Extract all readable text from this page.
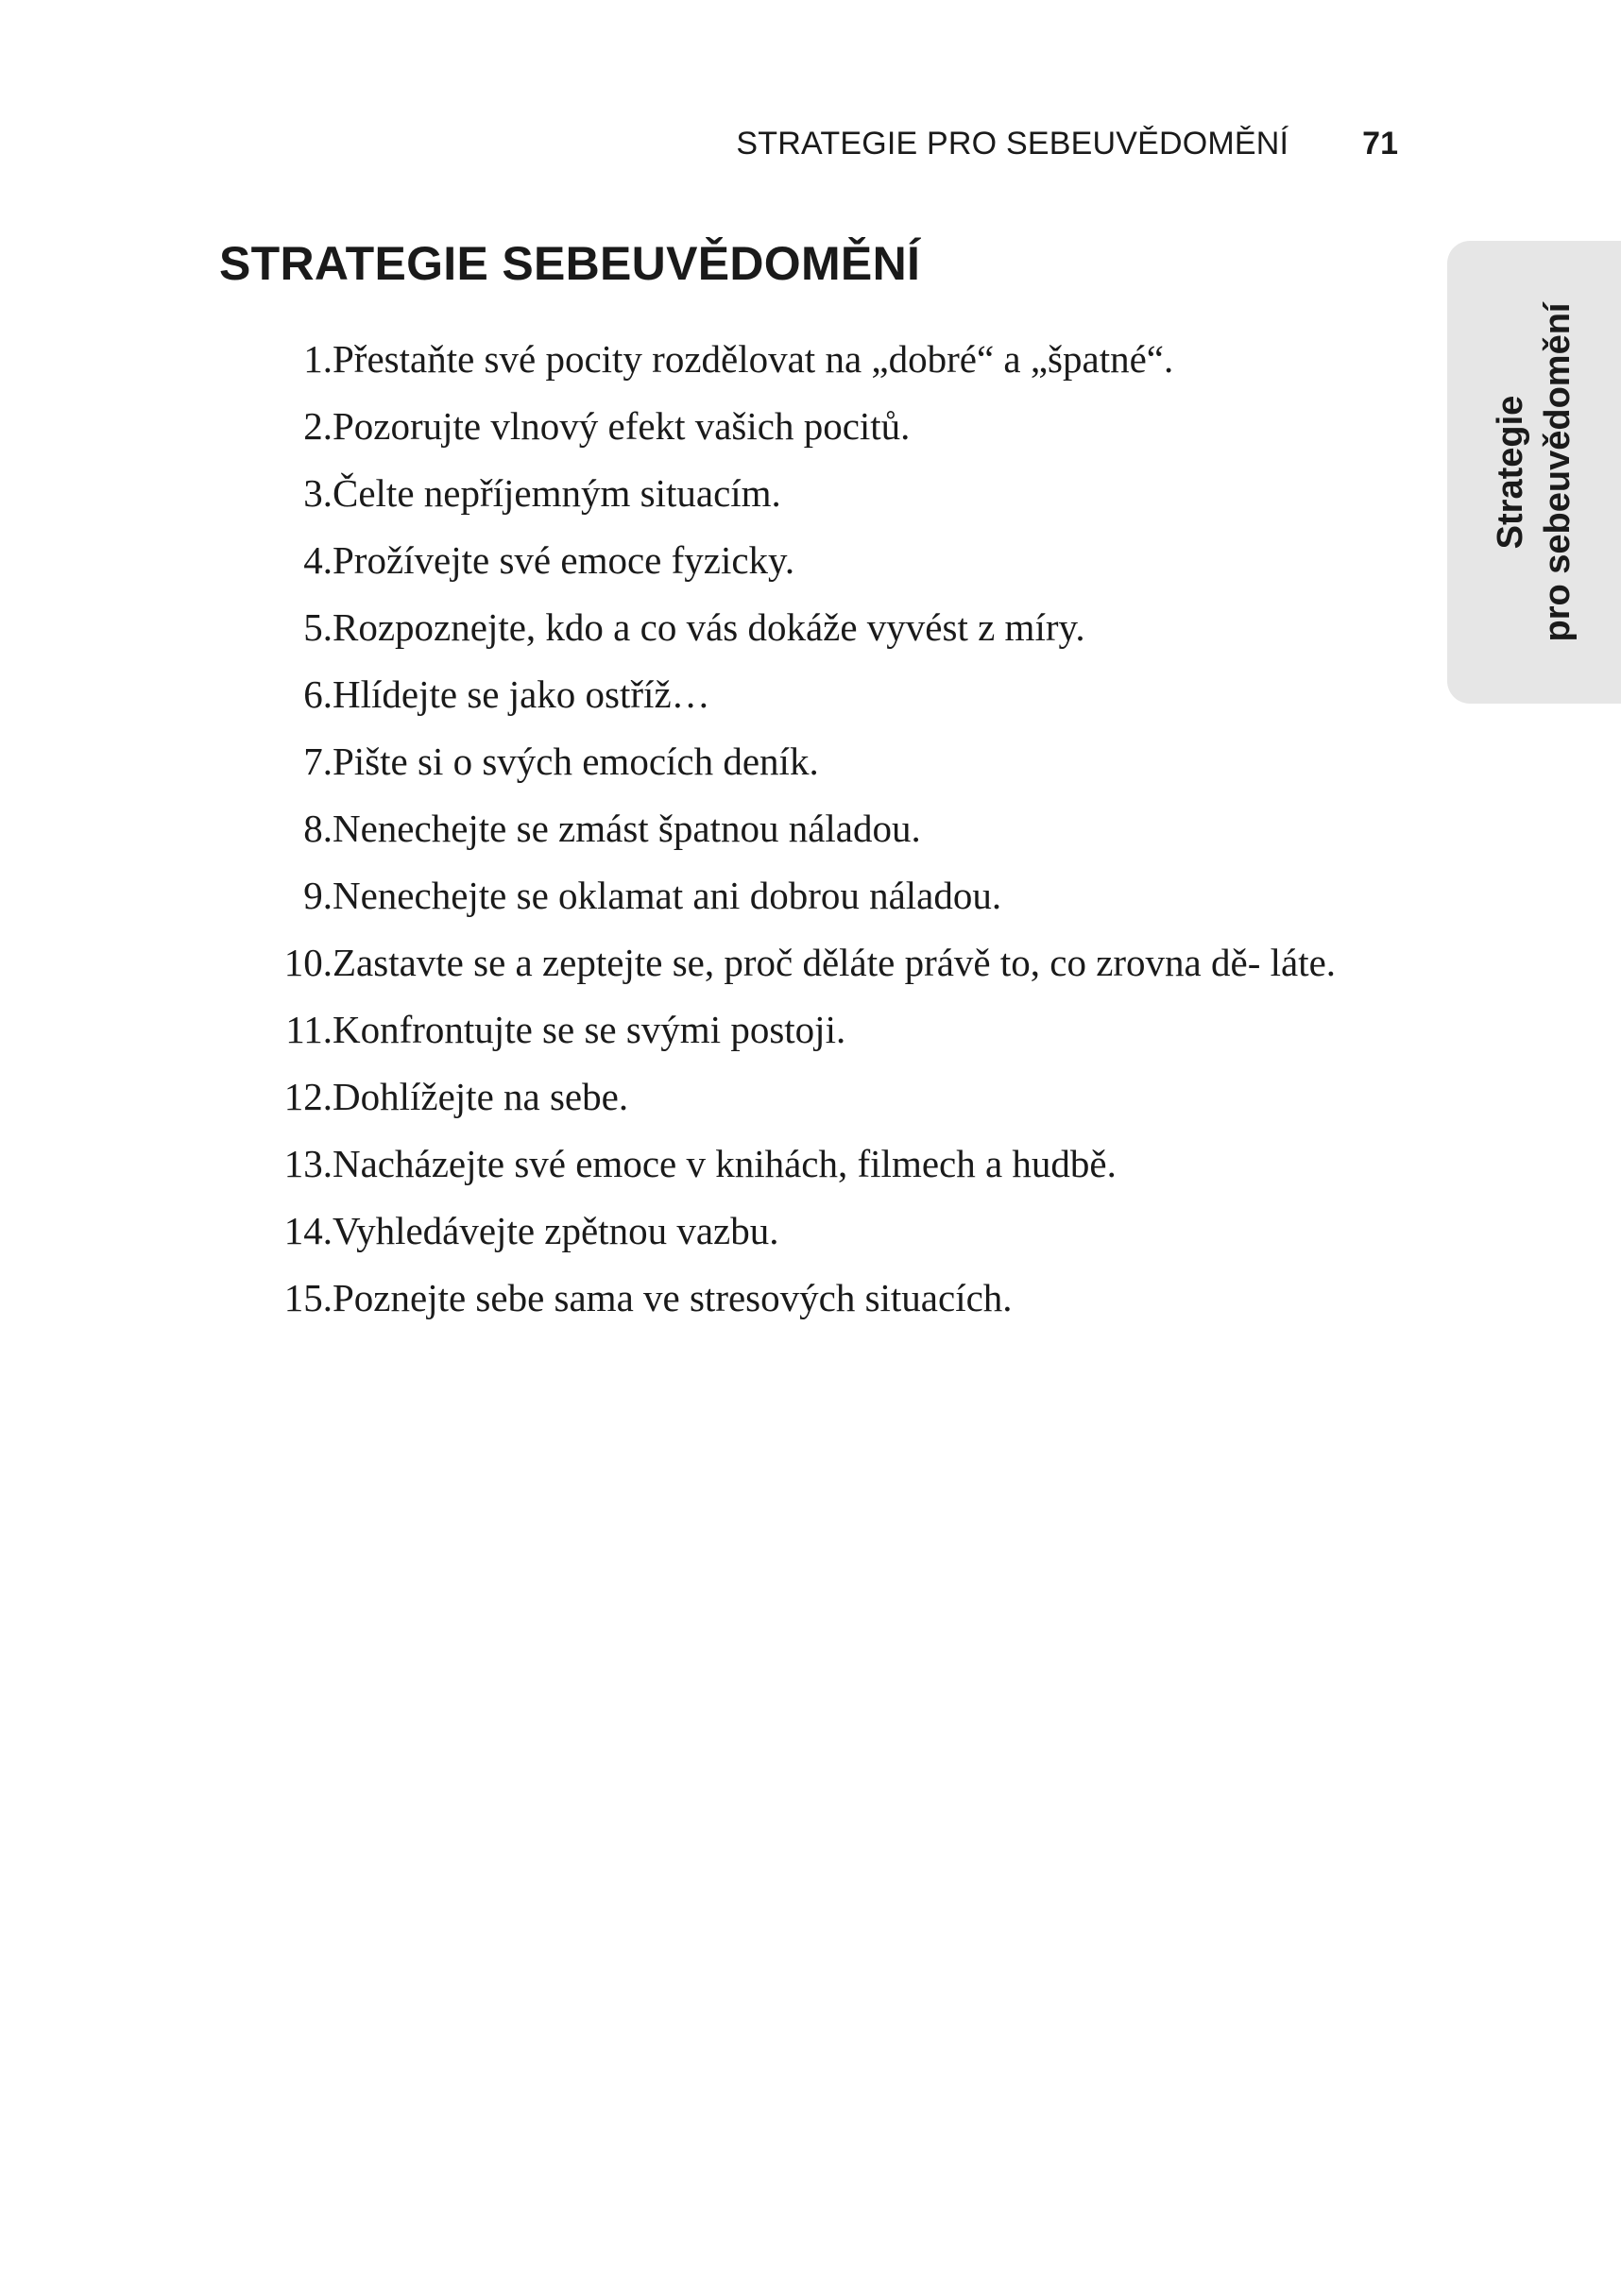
STRATEGIE PRO SEBEUVĚDOMĚNÍ 71
STRATEGIE SEBEUVĚDOMĚNÍ
1. Přestaňte své pocity rozdělovat na „dobré“ a „špatné“.
2. Pozorujte vlnový efekt vašich pocitů.
3. Čelte nepříjemným situacím.
4. Prožívejte své emoce fyzicky.
5. Rozpoznejte, kdo a co vás dokáže vyvést z míry.
6. Hlídejte se jako ostříž…
7. Pište si o svých emocích deník.
8. Nenechejte se zmást špatnou náladou.
9. Nenechejte se oklamat ani dobrou náladou.
10. Zastavte se a zeptejte se, proč děláte právě to, co zrovna dě- láte.
11. Konfrontujte se se svými postoji.
12. Dohlížejte na sebe.
13. Nacházejte své emoce v knihách, filmech a hudbě.
14. Vyhledávejte zpětnou vazbu.
15. Poznejte sebe sama ve stresových situacích.
Strategie pro sebeuvědomění
